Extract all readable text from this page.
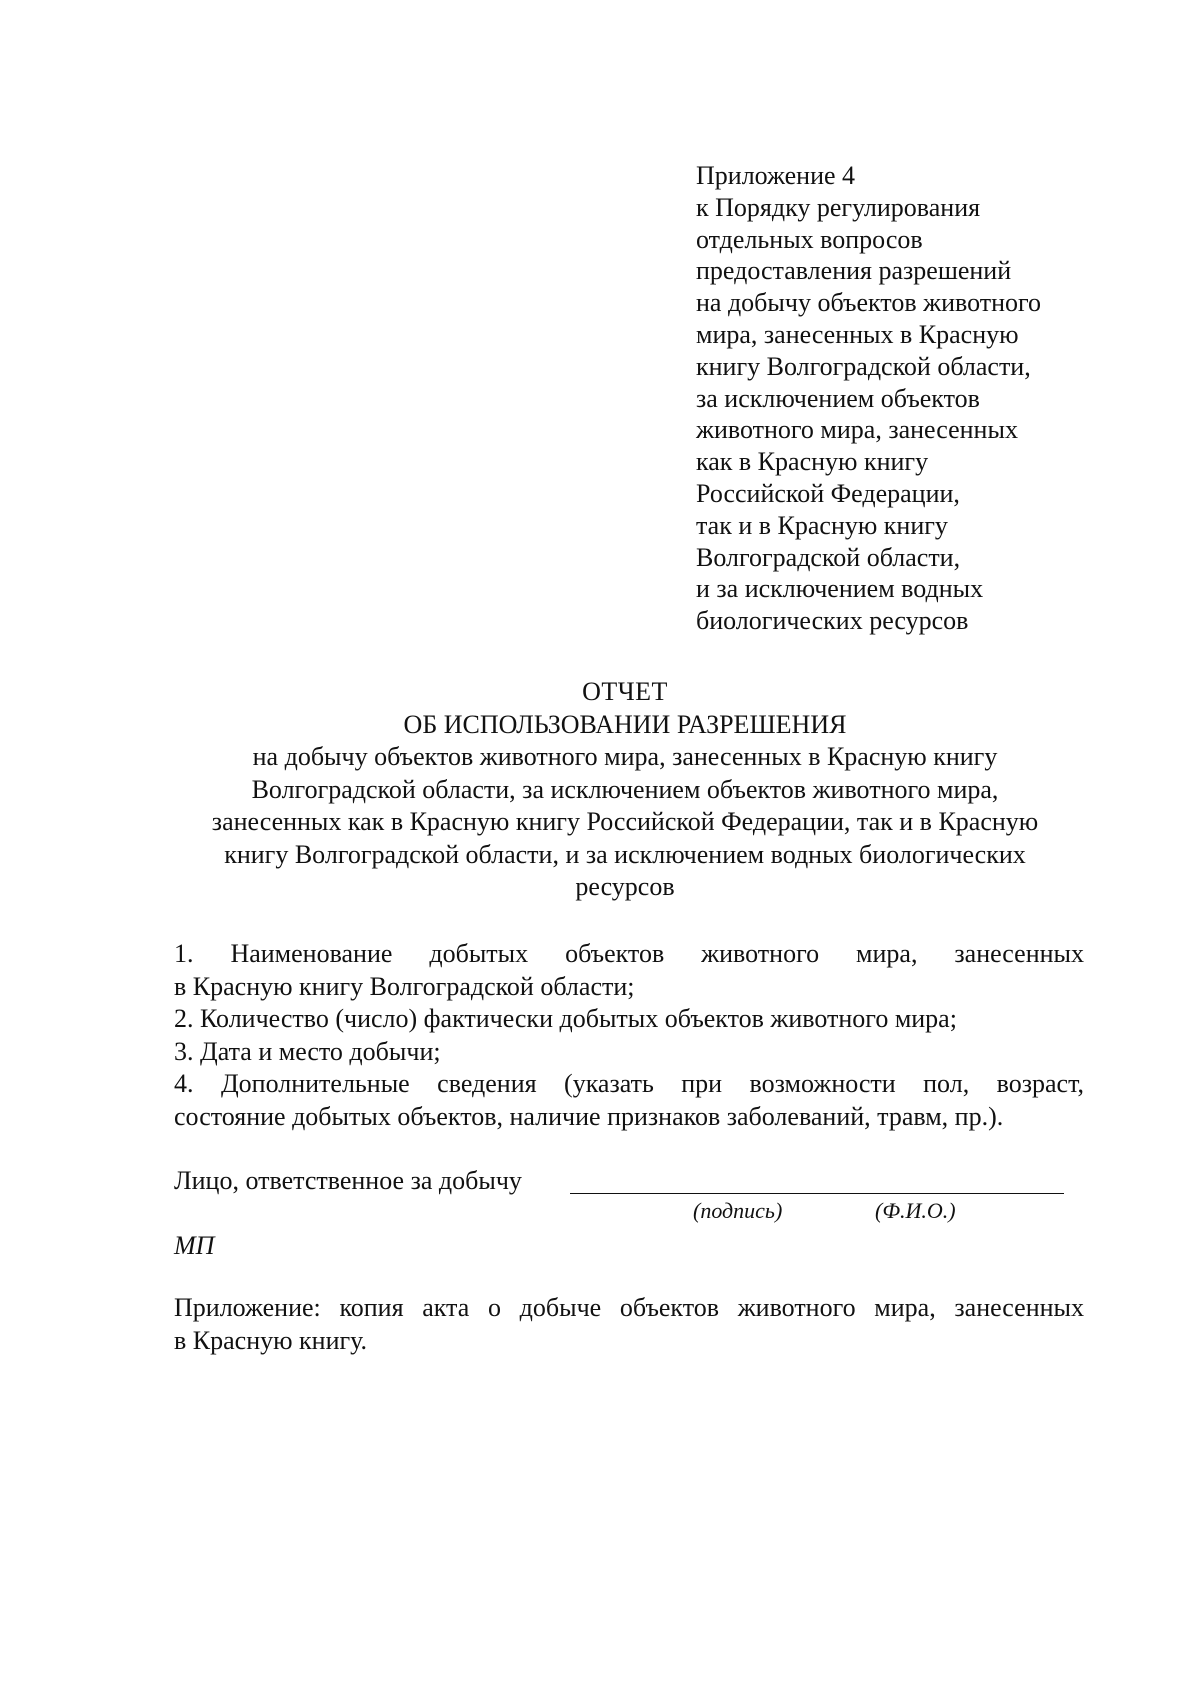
Приложение 4
к Порядку регулирования
отдельных вопросов
предоставления разрешений
на добычу объектов животного
мира, занесенных в Красную
книгу Волгоградской области,
за исключением объектов
животного мира, занесенных
как в Красную книгу
Российской Федерации,
так и в Красную книгу
Волгоградской области,
и за исключением водных
биологических ресурсов
ОТЧЕТ
ОБ ИСПОЛЬЗОВАНИИ РАЗРЕШЕНИЯ
на добычу объектов животного мира, занесенных в Красную книгу
Волгоградской области, за исключением объектов животного мира,
занесенных как в Красную книгу Российской Федерации, так и в Красную
книгу Волгоградской области, и за исключением водных биологических
ресурсов
1. Наименование добытых объектов животного мира, занесенных
в Красную книгу Волгоградской области;
2. Количество (число) фактически добытых объектов животного мира;
3. Дата и место добычи;
4. Дополнительные сведения (указать при возможности пол, возраст,
состояние добытых объектов, наличие признаков заболеваний, травм, пр.).
Лицо, ответственное за добычу
(подпись)	(Ф.И.О.)
МП
Приложение: копия акта о добыче объектов животного мира, занесенных
в Красную книгу.
